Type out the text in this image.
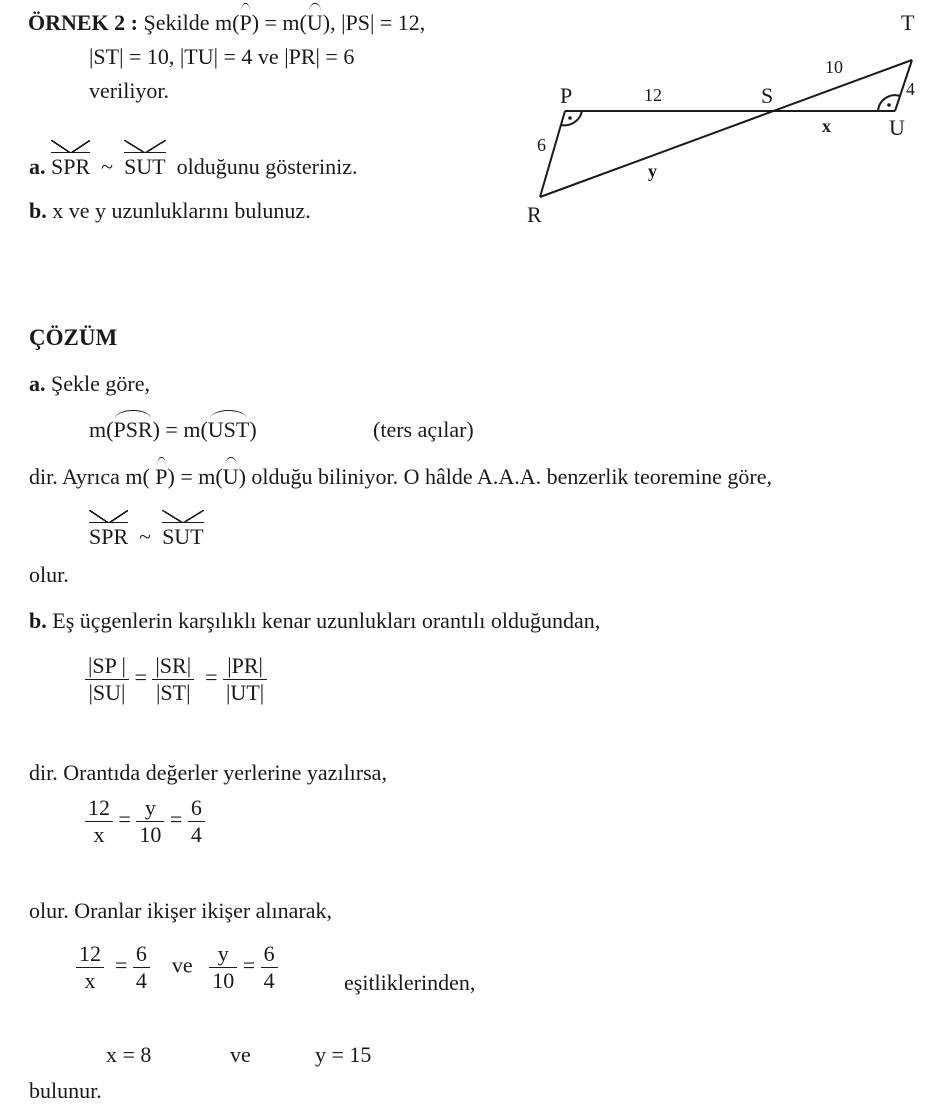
ÖRNEK 2 : Şekilde m(P) = m(U), |PS| = 12,
|ST| = 10, |TU| = 4 ve |PR| = 6
veriliyor.
a. SPR ~ SUT olduğunu gösteriniz.
b. x ve y uzunluklarını bulunuz.
P	S
T
U
R
12
10
4
6
x
y
ÇÖZÜM
a. Şekle göre,
m(PSR) = m(UST)	(ters açılar)
dir. Ayrıca m( P) = m(U) olduğu biliniyor. O hâlde A.A.A. benzerlik teoremine göre,
SPR ~ SUT
olur.
b. Eş üçgenlerin karşılıklı kenar uzunlukları orantılı olduğundan,
$\frac{|SP |}{|SU|} = \frac{|SR|}{|ST|} = \frac{|PR|}{|UT|}$
dir. Orantıda değerler yerlerine yazılırsa,
$\frac{12}{x} = \frac{y}{10} = \frac{6}{4}$
olur. Oranlar ikişer ikişer alınarak,
$\frac{12}{x} = \frac{6}{4}$ ve $\frac{y}{10} = \frac{6}{4}$	eşitliklerinden,
x = 8	ve	y = 15
bulunur.
